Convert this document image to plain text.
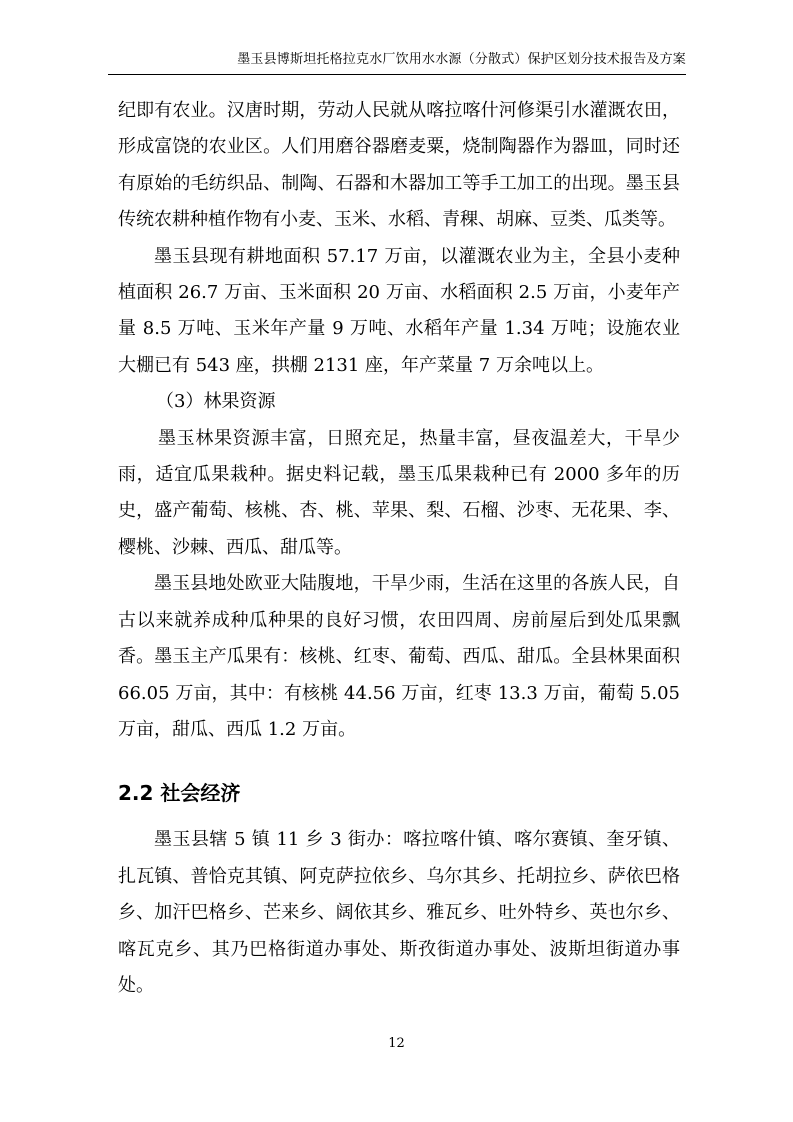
墨玉县博斯坦托格拉克水厂饮用水水源（分散式）保护区划分技术报告及方案

纪即有农业。汉唐时期，劳动人民就从喀拉喀什河修渠引水灌溉农田，形成富饶的农业区。人们用磨谷器磨麦粟，烧制陶器作为器皿，同时还有原始的毛纺织品、制陶、石器和木器加工等手工加工的出现。墨玉县传统农耕种植作物有小麦、玉米、水稻、青稞、胡麻、豆类、瓜类等。

墨玉县现有耕地面积 57.17 万亩，以灌溉农业为主，全县小麦种植面积 26.7 万亩、玉米面积 20 万亩、水稻面积 2.5 万亩，小麦年产量 8.5 万吨、玉米年产量 9 万吨、水稻年产量 1.34 万吨；设施农业大棚已有 543 座，拱棚 2131 座，年产菜量 7 万余吨以上。

（3）林果资源

墨玉林果资源丰富，日照充足，热量丰富，昼夜温差大，干旱少雨，适宜瓜果栽种。据史料记载，墨玉瓜果栽种已有 2000 多年的历史，盛产葡萄、核桃、杏、桃、苹果、梨、石榴、沙枣、无花果、李、樱桃、沙棘、西瓜、甜瓜等。

墨玉县地处欧亚大陆腹地，干旱少雨，生活在这里的各族人民，自古以来就养成种瓜种果的良好习惯，农田四周、房前屋后到处瓜果飘香。墨玉主产瓜果有：核桃、红枣、葡萄、西瓜、甜瓜。全县林果面积 66.05 万亩，其中：有核桃 44.56 万亩，红枣 13.3 万亩，葡萄 5.05 万亩，甜瓜、西瓜 1.2 万亩。

2.2 社会经济

墨玉县辖 5 镇 11 乡 3 街办：喀拉喀什镇、喀尔赛镇、奎牙镇、扎瓦镇、普恰克其镇、阿克萨拉依乡、乌尔其乡、托胡拉乡、萨依巴格乡、加汗巴格乡、芒来乡、阔依其乡、雅瓦乡、吐外特乡、英也尔乡、喀瓦克乡、其乃巴格街道办事处、斯孜街道办事处、波斯坦街道办事处。

12
